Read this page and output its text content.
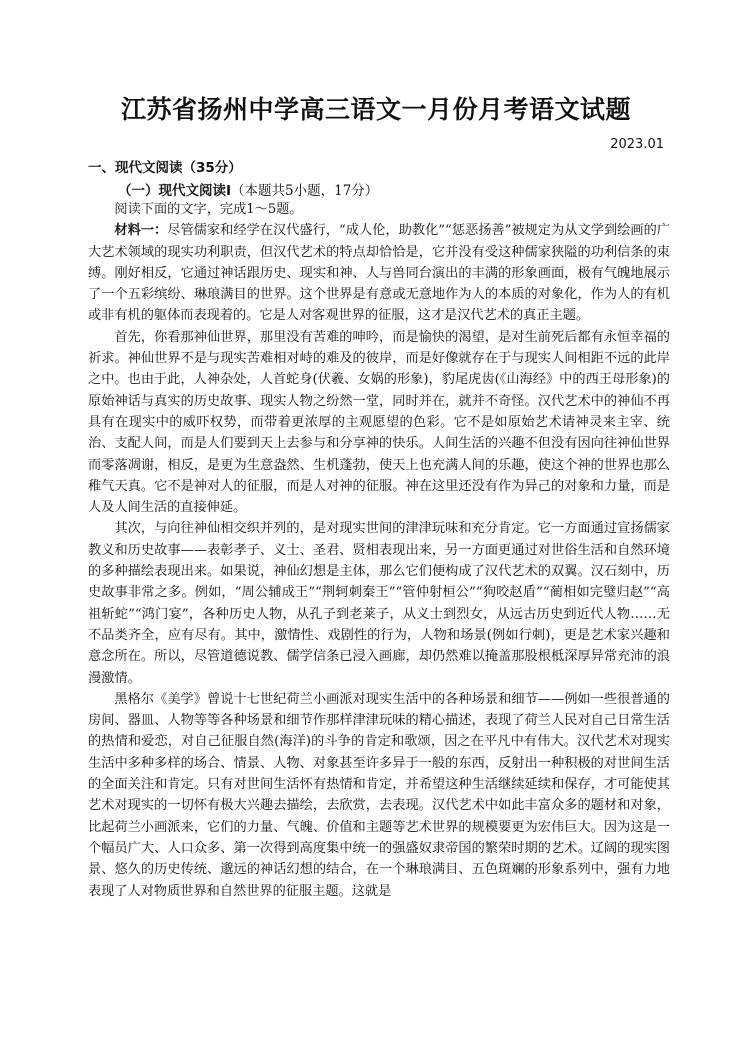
江苏省扬州中学高三语文一月份月考语文试题
2023.01
一、现代文阅读（35分）
（一）现代文阅读Ⅰ（本题共5小题，17分）

阅读下面的文字，完成1～5题。

材料一：尽管儒家和经学在汉代盛行，“成人伦，助教化”“惩恶扬善”被规定为从文学到绘画的广大艺术领域的现实功利职责，但汉代艺术的特点却恰恰是，它并没有受这种儒家狭隘的功利信条的束缚。刚好相反，它通过神话跟历史、现实和神、人与兽同台演出的丰满的形象画面，极有气魄地展示了一个五彩缤纷、琳琅满目的世界。这个世界是有意或无意地作为人的本质的对象化，作为人的有机或非有机的躯体而表现着的。它是人对客观世界的征服，这才是汉代艺术的真正主题。

首先，你看那神仙世界，那里没有苦难的呻吟，而是愉快的渴望，是对生前死后都有永恒幸福的祈求。神仙世界不是与现实苦难相对峙的难及的彼岸，而是好像就存在于与现实人间相距不远的此岸之中。也由于此，人神杂处，人首蛇身(伏羲、女娲的形象)，豹尾虎齿(《山海经》中的西王母形象)的原始神话与真实的历史故事、现实人物之纷然一堂，同时并在，就并不奇怪。汉代艺术中的神仙不再具有在现实中的威吓权势，而带着更浓厚的主观愿望的色彩。它不是如原始艺术请神灵来主宰、统治、支配人间，而是人们要到天上去参与和分享神的快乐。人间生活的兴趣不但没有因向往神仙世界而零落凋谢，相反，是更为生意盎然、生机蓬勃，使天上也充满人间的乐趣，使这个神的世界也那么稚气天真。它不是神对人的征服，而是人对神的征服。神在这里还没有作为异己的对象和力量，而是人及人间生活的直接伸延。

其次，与向往神仙相交织并列的，是对现实世间的津津玩味和充分肯定。它一方面通过宣扬儒家教义和历史故事——表彰孝子、义士、圣君、贤相表现出来，另一方面更通过对世俗生活和自然环境的多种描绘表现出来。如果说，神仙幻想是主体，那么它们便构成了汉代艺术的双翼。汉石刻中，历史故事非常之多。例如，“周公辅成王”“荆轲刺秦王”“管仲射桓公”“狗咬赵盾”“蔺相如完璧归赵”“高祖斩蛇”“鸿门宴”，各种历史人物，从孔子到老莱子，从义士到烈女，从远古历史到近代人物……无不品类齐全，应有尽有。其中，激情性、戏剧性的行为，人物和场景(例如行刺)，更是艺术家兴趣和意念所在。所以，尽管道德说教、儒学信条已浸入画廊，却仍然难以掩盖那股根柢深厚异常充沛的浪漫激情。

黑格尔《美学》曾说十七世纪荷兰小画派对现实生活中的各种场景和细节——例如一些很普通的房间、器皿、人物等等各种场景和细节作那样津津玩味的精心描述，表现了荷兰人民对自己日常生活的热情和爱恋，对自己征服自然(海洋)的斗争的肯定和歌颂，因之在平凡中有伟大。汉代艺术对现实生活中多种多样的场合、情景、人物、对象甚至许多异于一般的东西，反射出一种积极的对世间生活的全面关注和肯定。只有对世间生活怀有热情和肯定，并希望这种生活继续延续和保存，才可能使其艺术对现实的一切怀有极大兴趣去描绘，去欣赏，去表现。汉代艺术中如此丰富众多的题材和对象，比起荷兰小画派来，它们的力量、气魄、价值和主题等艺术世界的规模要更为宏伟巨大。因为这是一个幅员广大、人口众多、第一次得到高度集中统一的强盛奴隶帝国的繁荣时期的艺术。辽阔的现实图景、悠久的历史传统、邈远的神话幻想的结合，在一个琳琅满目、五色斑斓的形象系列中，强有力地表现了人对物质世界和自然世界的征服主题。这就是
